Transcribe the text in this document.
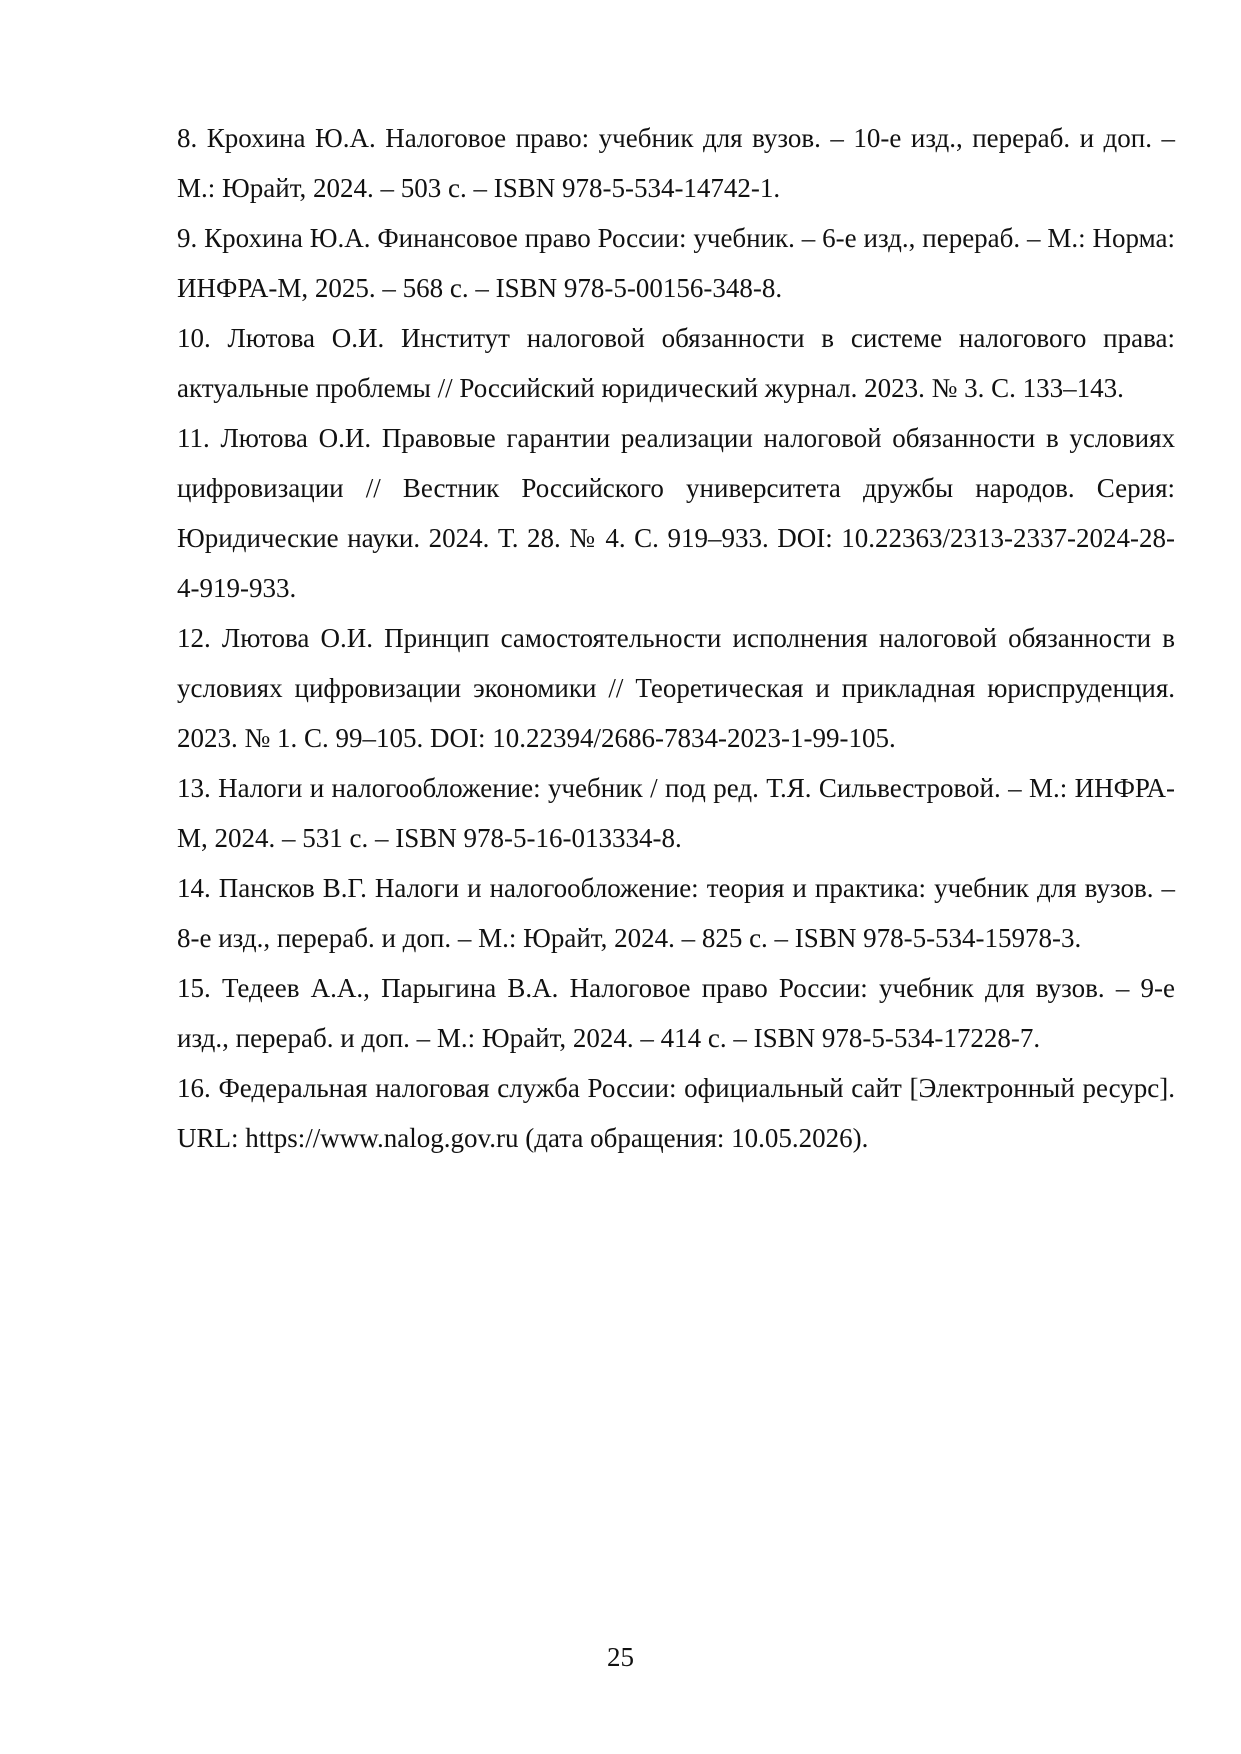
8. Крохина Ю.А. Налоговое право: учебник для вузов. – 10-е изд., перераб. и доп. – М.: Юрайт, 2024. – 503 с. – ISBN 978-5-534-14742-1.
9. Крохина Ю.А. Финансовое право России: учебник. – 6-е изд., перераб. – М.: Норма: ИНФРА-М, 2025. – 568 с. – ISBN 978-5-00156-348-8.
10. Лютова О.И. Институт налоговой обязанности в системе налогового права: актуальные проблемы // Российский юридический журнал. 2023. № 3. С. 133–143.
11. Лютова О.И. Правовые гарантии реализации налоговой обязанности в условиях цифровизации // Вестник Российского университета дружбы народов. Серия: Юридические науки. 2024. Т. 28. № 4. С. 919–933. DOI: 10.22363/2313-2337-2024-28-4-919-933.
12. Лютова О.И. Принцип самостоятельности исполнения налоговой обязанности в условиях цифровизации экономики // Теоретическая и прикладная юриспруденция. 2023. № 1. С. 99–105. DOI: 10.22394/2686-7834-2023-1-99-105.
13. Налоги и налогообложение: учебник / под ред. Т.Я. Сильвестровой. – М.: ИНФРА-М, 2024. – 531 с. – ISBN 978-5-16-013334-8.
14. Пансков В.Г. Налоги и налогообложение: теория и практика: учебник для вузов. – 8-е изд., перераб. и доп. – М.: Юрайт, 2024. – 825 с. – ISBN 978-5-534-15978-3.
15. Тедеев А.А., Парыгина В.А. Налоговое право России: учебник для вузов. – 9-е изд., перераб. и доп. – М.: Юрайт, 2024. – 414 с. – ISBN 978-5-534-17228-7.
16. Федеральная налоговая служба России: официальный сайт [Электронный ресурс]. URL: https://www.nalog.gov.ru (дата обращения: 10.05.2026).
25
